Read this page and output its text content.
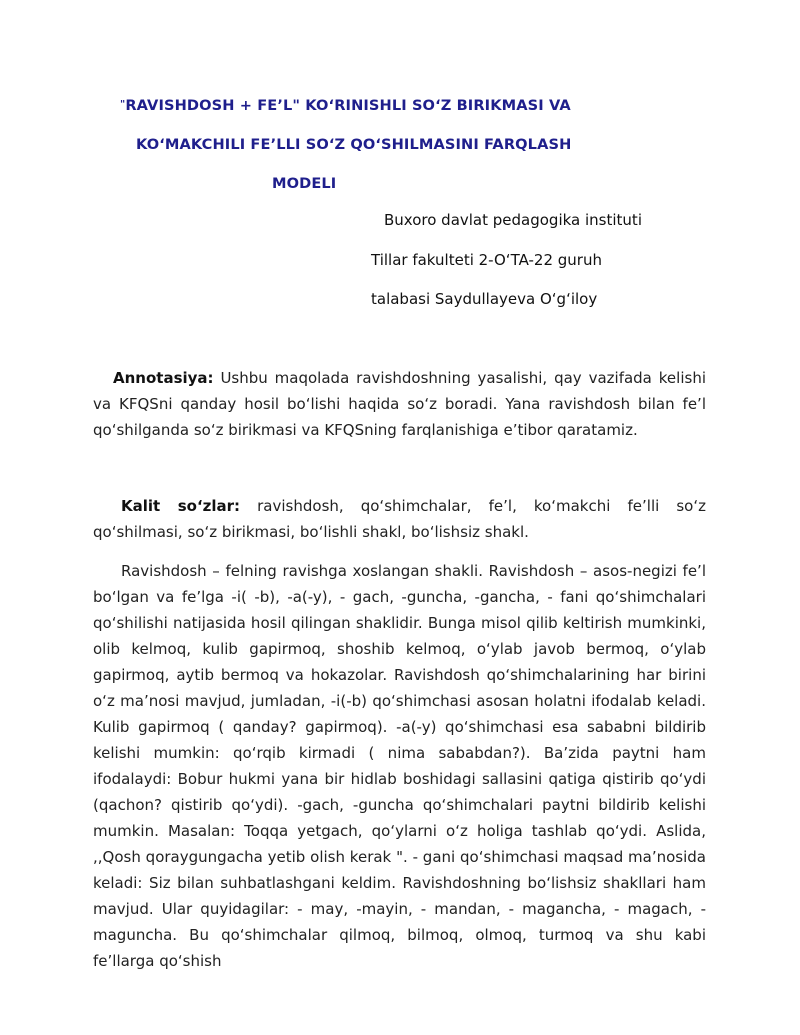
"RAVISHDOSH + FE’L" KO‘RINISHLI SO‘Z BIRIKMASI VA
KO‘MAKCHILI FE’LLI SO‘Z QO‘SHILMASINI FARQLASH
MODELI
Buxoro davlat pedagogika instituti
Tillar fakulteti 2-O‘TA-22 guruh
talabasi Saydullayeva O‘g‘iloy
Annotasiya: Ushbu maqolada ravishdoshning yasalishi, qay vazifada kelishi va KFQSni qanday hosil bo‘lishi haqida so‘z boradi. Yana ravishdosh bilan fe’l qo‘shilganda so‘z birikmasi va KFQSning farqlanishiga e’tibor qaratamiz.
Kalit so‘zlar: ravishdosh, qo‘shimchalar, fe’l, ko‘makchi fe’lli so‘z qo‘shilmasi, so‘z birikmasi, bo‘lishli shakl, bo‘lishsiz shakl.
Ravishdosh – felning ravishga xoslangan shakli. Ravishdosh – asos-negizi fe’l bo‘lgan va fe’lga -i( -b), -a(-y), - gach, -guncha, -gancha, - fani qo‘shimchalari qo‘shilishi natijasida hosil qilingan shaklidir. Bunga misol qilib keltirish mumkinki, olib kelmoq, kulib gapirmoq, shoshib kelmoq, o‘ylab javob bermoq, o‘ylab gapirmoq, aytib bermoq va hokazolar. Ravishdosh qo‘shimchalarining har birini o‘z ma’nosi mavjud, jumladan, -i(-b) qo‘shimchasi asosan holatni ifodalab keladi. Kulib gapirmoq ( qanday? gapirmoq). -a(-y) qo‘shimchasi esa sababni bildirib kelishi mumkin: qo‘rqib kirmadi ( nima sababdan?). Ba’zida paytni ham ifodalaydi: Bobur hukmi yana bir hidlab boshidagi sallasini qatiga qistirib qo‘ydi (qachon? qistirib qo‘ydi). -gach, -guncha qo‘shimchalari paytni bildirib kelishi mumkin. Masalan: Toqqa yetgach, qo‘ylarni o‘z holiga tashlab qo‘ydi. Aslida, ,,Qosh qoraygungacha yetib olish kerak ". - gani qo‘shimchasi maqsad ma’nosida keladi: Siz bilan suhbatlashgani keldim. Ravishdoshning bo‘lishsiz shakllari ham mavjud. Ular quyidagilar: - may, -mayin, - mandan, - magancha, - magach, - maguncha. Bu qo‘shimchalar qilmoq, bilmoq, olmoq, turmoq va shu kabi fe’llarga qo‘shish
